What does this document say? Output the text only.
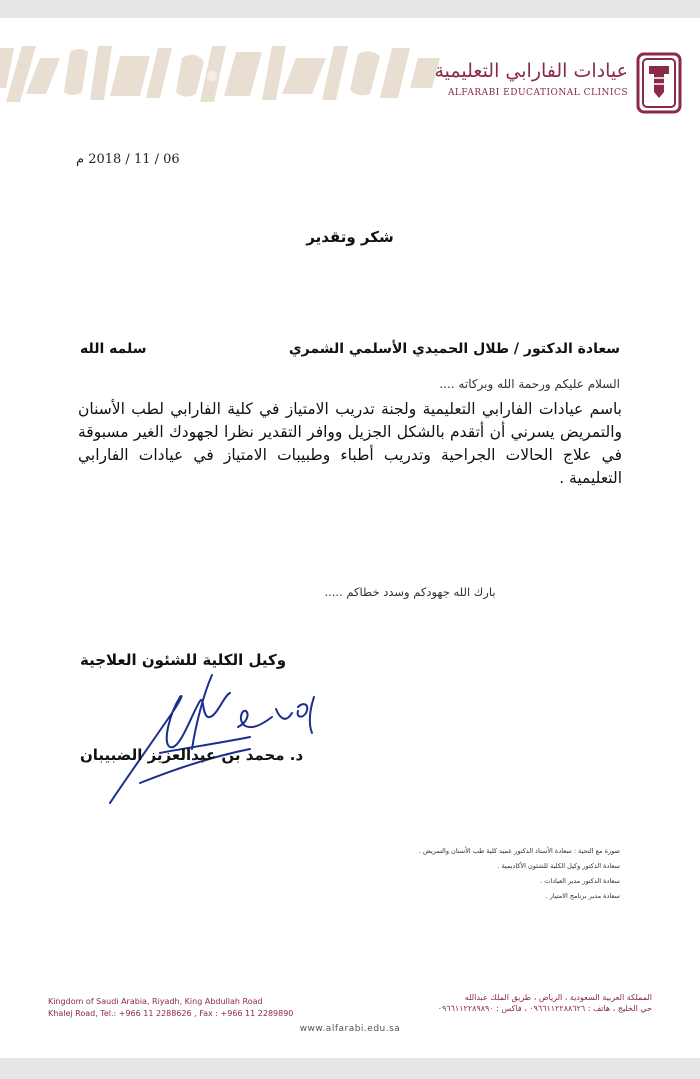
عيادات الفارابي التعليمية
ALFARABI EDUCATIONAL CLINICS
06 / 11 / 2018 م
شكر وتقدير
سعادة الدكتور / طلال الحميدي الأسلمي الشمري
سلمه الله
السلام عليكم ورحمة الله وبركاته ....
باسم عيادات الفارابي التعليمية ولجنة تدريب الامتياز في كلية الفارابي لطب الأسنان والتمريض يسرني أن أتقدم بالشكل الجزيل ووافر التقدير نظرا لجهودك الغير مسبوقة في علاج الحالات الجراحية وتدريب أطباء وطبيبات الامتياز في عيادات الفارابي التعليمية .
بارك الله جهودكم وسدد خطاكم .....
وكيل الكلية للشئون العلاجية
د. محمد بن عبدالعزيز الضبيبان
صورة مع التحية : سعادة الأستاذ الدكتور عميد كلية طب الأسنان والتمريض .
سعادة الدكتور وكيل الكلية للشئون الأكاديمية .
سعادة الدكتور مدير العيادات .
سعادة مدير برنامج الامتياز .
Kingdom of Saudi Arabia, Riyadh, King Abdullah Road
Khalej Road, Tel.: +966 11 2288626 , Fax : +966 11 2289890
المملكة العربية السعودية ، الرياض ، طريق الملك عبدالله
حي الخليج ، هاتف : ٠٩٦٦١١٢٢٨٨٦٢٦ ، فاكس : ٠٩٦٦١١٢٢٨٩٨٩٠
www.alfarabi.edu.sa
